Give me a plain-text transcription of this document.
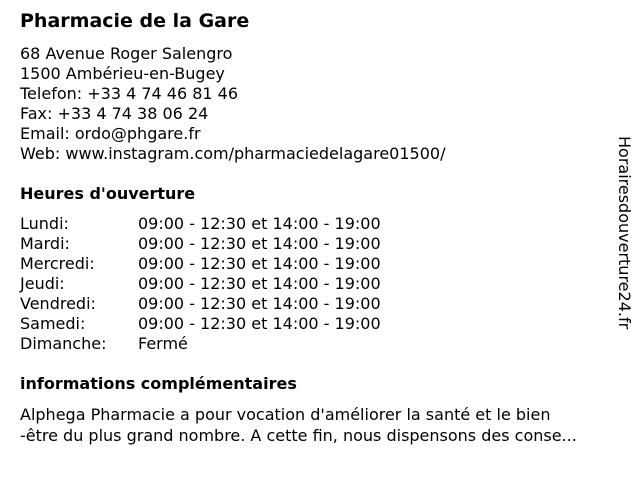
Pharmacie de la Gare
68 Avenue Roger Salengro
1500 Ambérieu-en-Bugey
Telefon: +33 4 74 46 81 46
Fax: +33 4 74 38 06 24
Email: ordo@phgare.fr
Web: www.instagram.com/pharmaciedelagare01500/
Heures d'ouverture
Lundi:	09:00 - 12:30 et 14:00 - 19:00
Mardi:	09:00 - 12:30 et 14:00 - 19:00
Mercredi:	09:00 - 12:30 et 14:00 - 19:00
Jeudi:	09:00 - 12:30 et 14:00 - 19:00
Vendredi:	09:00 - 12:30 et 14:00 - 19:00
Samedi:	09:00 - 12:30 et 14:00 - 19:00
Dimanche: Fermé
informations complémentaires
Alphega Pharmacie a pour vocation d'améliorer la santé et le bien
-être du plus grand nombre. A cette fin, nous dispensons des conse...
Horairesdouverture24.fr
